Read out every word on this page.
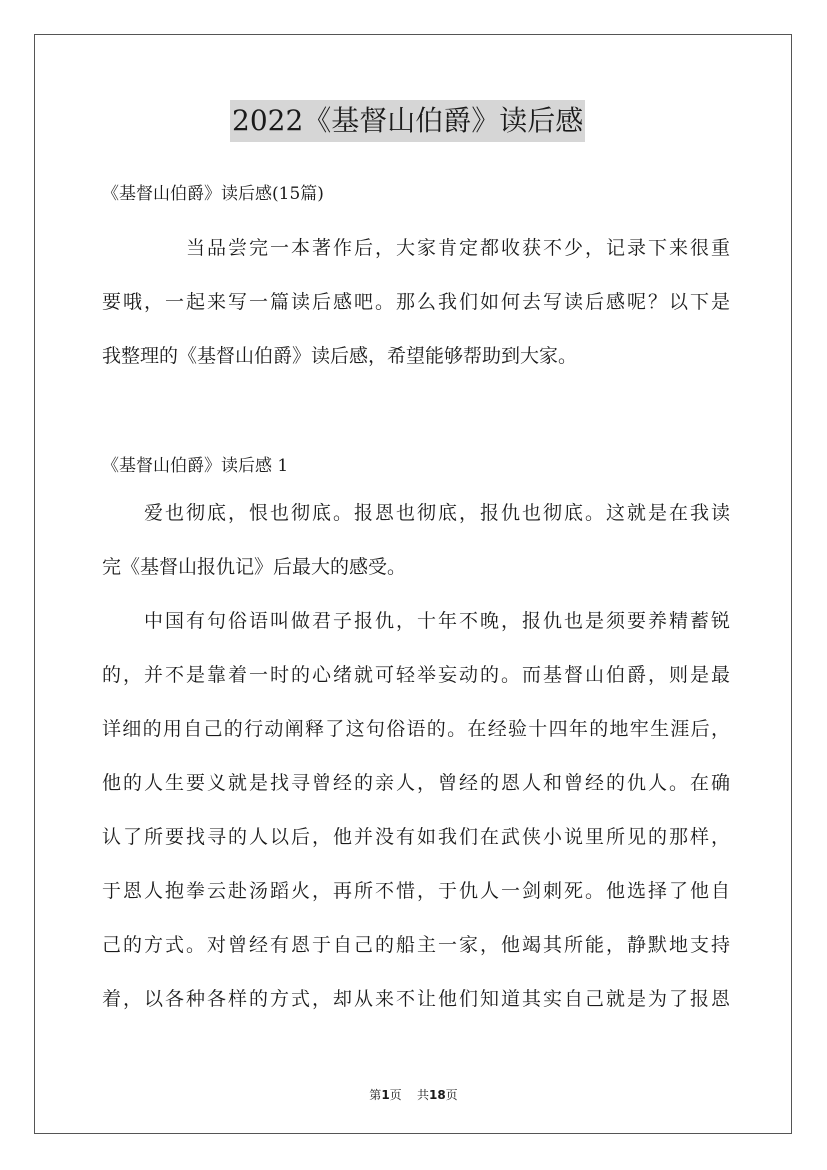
2022《基督山伯爵》读后感
《基督山伯爵》读后感(15篇)
当品尝完一本著作后，大家肯定都收获不少，记录下来很重
要哦，一起来写一篇读后感吧。那么我们如何去写读后感呢？以下是
我整理的《基督山伯爵》读后感，希望能够帮助到大家。
《基督山伯爵》读后感 1
爱也彻底，恨也彻底。报恩也彻底，报仇也彻底。这就是在我读
完《基督山报仇记》后最大的感受。
中国有句俗语叫做君子报仇，十年不晚，报仇也是须要养精蓄锐
的，并不是靠着一时的心绪就可轻举妄动的。而基督山伯爵，则是最
详细的用自己的行动阐释了这句俗语的。在经验十四年的地牢生涯后，
他的人生要义就是找寻曾经的亲人，曾经的恩人和曾经的仇人。在确
认了所要找寻的人以后，他并没有如我们在武侠小说里所见的那样，
于恩人抱拳云赴汤蹈火，再所不惜，于仇人一剑刺死。他选择了他自
己的方式。对曾经有恩于自己的船主一家，他竭其所能，静默地支持
着，以各种各样的方式，却从来不让他们知道其实自己就是为了报恩
第1页 共18页
